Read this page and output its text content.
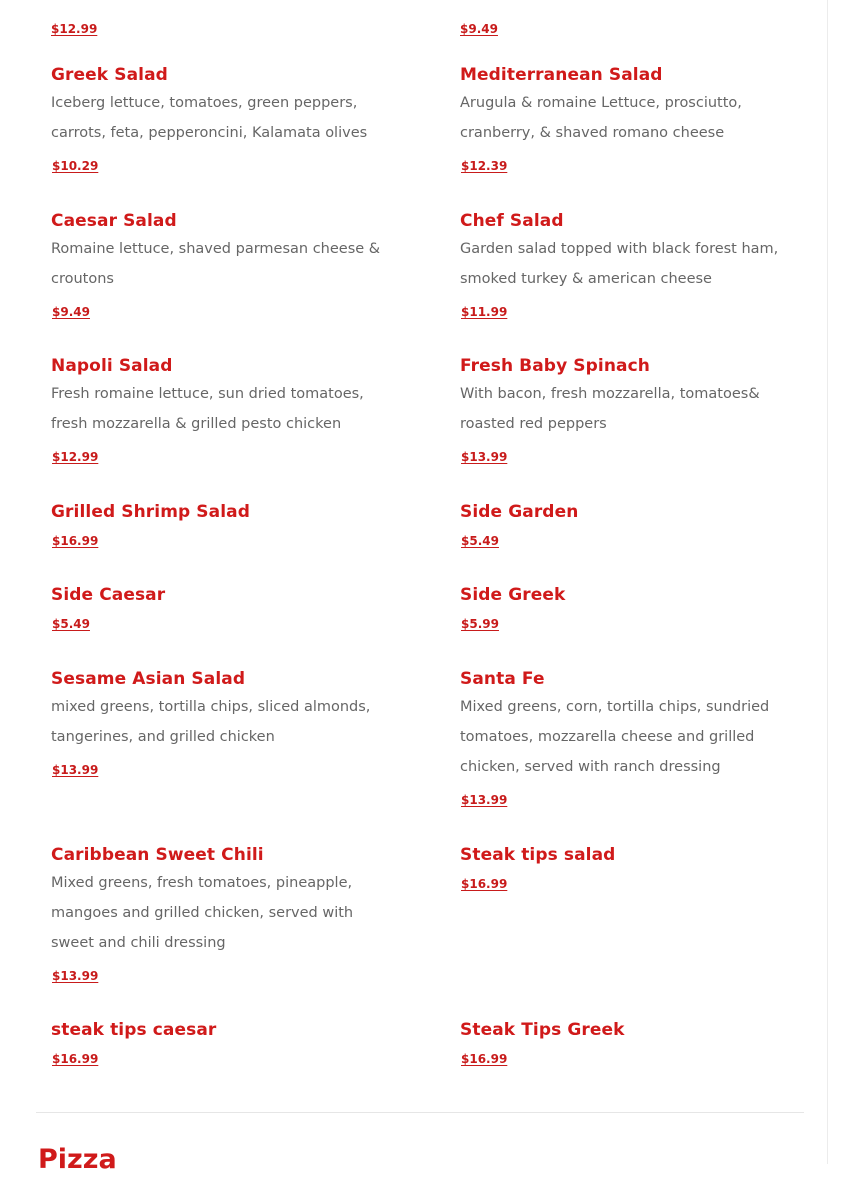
$12.99	$9.49
Greek Salad
Iceberg lettuce, tomatoes, green peppers, carrots, feta, pepperoncini, Kalamata olives
$10.29
Caesar Salad
Romaine lettuce, shaved parmesan cheese & croutons
$9.49
Napoli Salad
Fresh romaine lettuce, sun dried tomatoes, fresh mozzarella & grilled pesto chicken
$12.99
Grilled Shrimp Salad
$16.99
Side Caesar
$5.49
Sesame Asian Salad
mixed greens, tortilla chips, sliced almonds, tangerines, and grilled chicken
$13.99
Caribbean Sweet Chili
Mixed greens, fresh tomatoes, pineapple, mangoes and grilled chicken, served with sweet and chili dressing
$13.99
steak tips caesar
$16.99
Mediterranean Salad
Arugula & romaine Lettuce, prosciutto, cranberry, & shaved romano cheese
$12.39
Chef Salad
Garden salad topped with black forest ham, smoked turkey & american cheese
$11.99
Fresh Baby Spinach
With bacon, fresh mozzarella, tomatoes& roasted red peppers
$13.99
Side Garden
$5.49
Side Greek
$5.99
Santa Fe
Mixed greens, corn, tortilla chips, sundried tomatoes, mozzarella cheese and grilled chicken, served with ranch dressing
$13.99
Steak tips salad
$16.99
Steak Tips Greek
$16.99
Pizza
